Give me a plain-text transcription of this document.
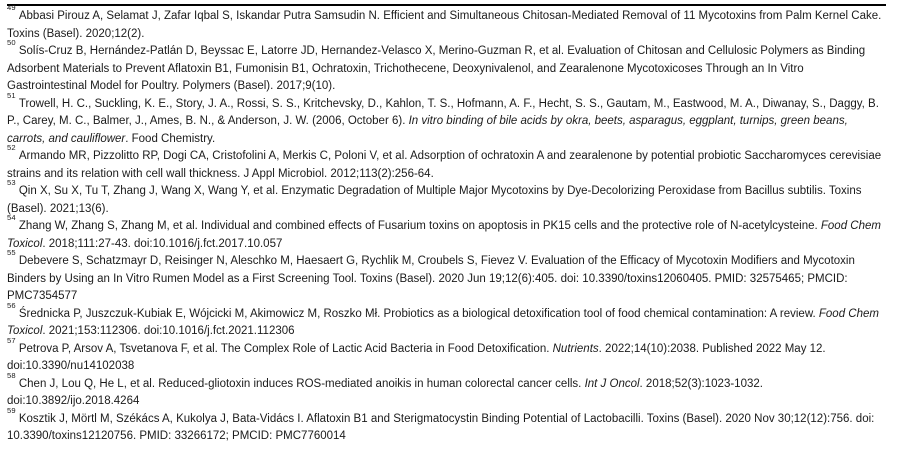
$^{49}$Abbasi Pirouz A, Selamat J, Zafar Iqbal S, Iskandar Putra Samsudin N. Efficient and Simultaneous Chitosan-Mediated Removal of 11 Mycotoxins from Palm Kernel Cake. Toxins (Basel). 2020;12(2).

$^{50}$Solís-Cruz B, Hernández-Patlán D, Beyssac E, Latorre JD, Hernandez-Velasco X, Merino-Guzman R, et al. Evaluation of Chitosan and Cellulosic Polymers as Binding Adsorbent Materials to Prevent Aflatoxin B1, Fumonisin B1, Ochratoxin, Trichothecene, Deoxynivalenol, and Zearalenone Mycotoxicoses Through an In Vitro Gastrointestinal Model for Poultry. Polymers (Basel). 2017;9(10).

$^{51}$Trowell, H. C., Suckling, K. E., Story, J. A., Rossi, S. S., Kritchevsky, D., Kahlon, T. S., Hofmann, A. F., Hecht, S. S., Gautam, M., Eastwood, M. A., Diwanay, S., Daggy, B. P., Carey, M. C., Balmer, J., Ames, B. N., & Anderson, J. W. (2006, October 6). In vitro binding of bile acids by okra, beets, asparagus, eggplant, turnips, green beans, carrots, and cauliflower. Food Chemistry.

$^{52}$Armando MR, Pizzolitto RP, Dogi CA, Cristofolini A, Merkis C, Poloni V, et al. Adsorption of ochratoxin A and zearalenone by potential probiotic Saccharomyces cerevisiae strains and its relation with cell wall thickness. J Appl Microbiol. 2012;113(2):256-64.

$^{53}$Qin X, Su X, Tu T, Zhang J, Wang X, Wang Y, et al. Enzymatic Degradation of Multiple Major Mycotoxins by Dye-Decolorizing Peroxidase from Bacillus subtilis. Toxins (Basel). 2021;13(6).

$^{54}$Zhang W, Zhang S, Zhang M, et al. Individual and combined effects of Fusarium toxins on apoptosis in PK15 cells and the protective role of N-acetylcysteine. Food Chem Toxicol. 2018;111:27-43. doi:10.1016/j.fct.2017.10.057

$^{55}$Debevere S, Schatzmayr D, Reisinger N, Aleschko M, Haesaert G, Rychlik M, Croubels S, Fievez V. Evaluation of the Efficacy of Mycotoxin Modifiers and Mycotoxin Binders by Using an In Vitro Rumen Model as a First Screening Tool. Toxins (Basel). 2020 Jun 19;12(6):405. doi: 10.3390/toxins12060405. PMID: 32575465; PMCID: PMC7354577

$^{56}$Średnicka P, Juszczuk-Kubiak E, Wójcicki M, Akimowicz M, Roszko Mł. Probiotics as a biological detoxification tool of food chemical contamination: A review. Food Chem Toxicol. 2021;153:112306. doi:10.1016/j.fct.2021.112306

$^{57}$Petrova P, Arsov A, Tsvetanova F, et al. The Complex Role of Lactic Acid Bacteria in Food Detoxification. Nutrients. 2022;14(10):2038. Published 2022 May 12. doi:10.3390/nu14102038

$^{58}$Chen J, Lou Q, He L, et al. Reduced-gliotoxin induces ROS-mediated anoikis in human colorectal cancer cells. Int J Oncol. 2018;52(3):1023-1032. doi:10.3892/ijo.2018.4264

$^{59}$Kosztik J, Mörtl M, Székács A, Kukolya J, Bata-Vidács I. Aflatoxin B1 and Sterigmatocystin Binding Potential of Lactobacilli. Toxins (Basel). 2020 Nov 30;12(12):756. doi: 10.3390/toxins12120756. PMID: 33266172; PMCID: PMC7760014
